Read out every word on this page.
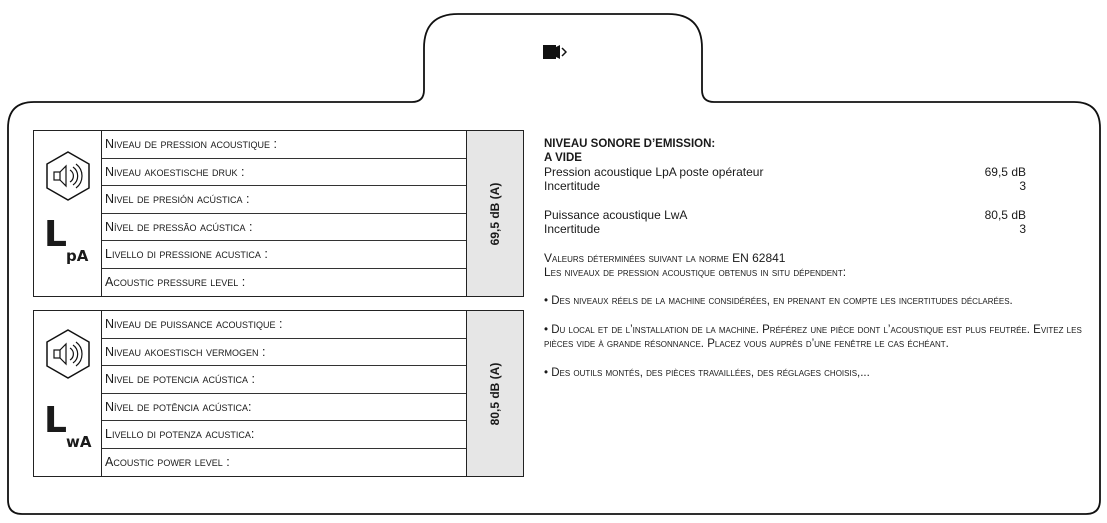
L
pA
Niveau de pression acoustique :
Niveau akoestische druk :
Nivel de presión acústica :
Nível de pressão acústica :
Livello di pressione acustica :
Acoustic pressure level :
69,5 dB (A)
L
wA
Niveau de puissance acoustique :
Niveau akoestisch vermogen :
Nivel de potencia acústica :
Nível de potência acústica:
Livello di potenza acustica:
Acoustic power level :
80,5 dB (A)
NIVEAU SONORE D’EMISSION:
A VIDE
Pression acoustique LpA poste opérateur	69,5 dB
Incertitude	3
Puissance acoustique LwA	80,5 dB
Incertitude	3
Valeurs déterminées suivant la norme EN 62841
Les niveaux de pression acoustique obtenus in situ dépendent:
• Des niveaux réels de la machine considérées, en prenant en compte les incertitudes déclarées.
• Du local et de l’installation de la machine. Préférez une pièce dont l’acoustique est plus feutrée. Evitez les pièces vide à grande résonnance. Placez vous auprès d’une fenêtre le cas échéant.
• Des outils montés, des pièces travaillées, des réglages choisis,...
